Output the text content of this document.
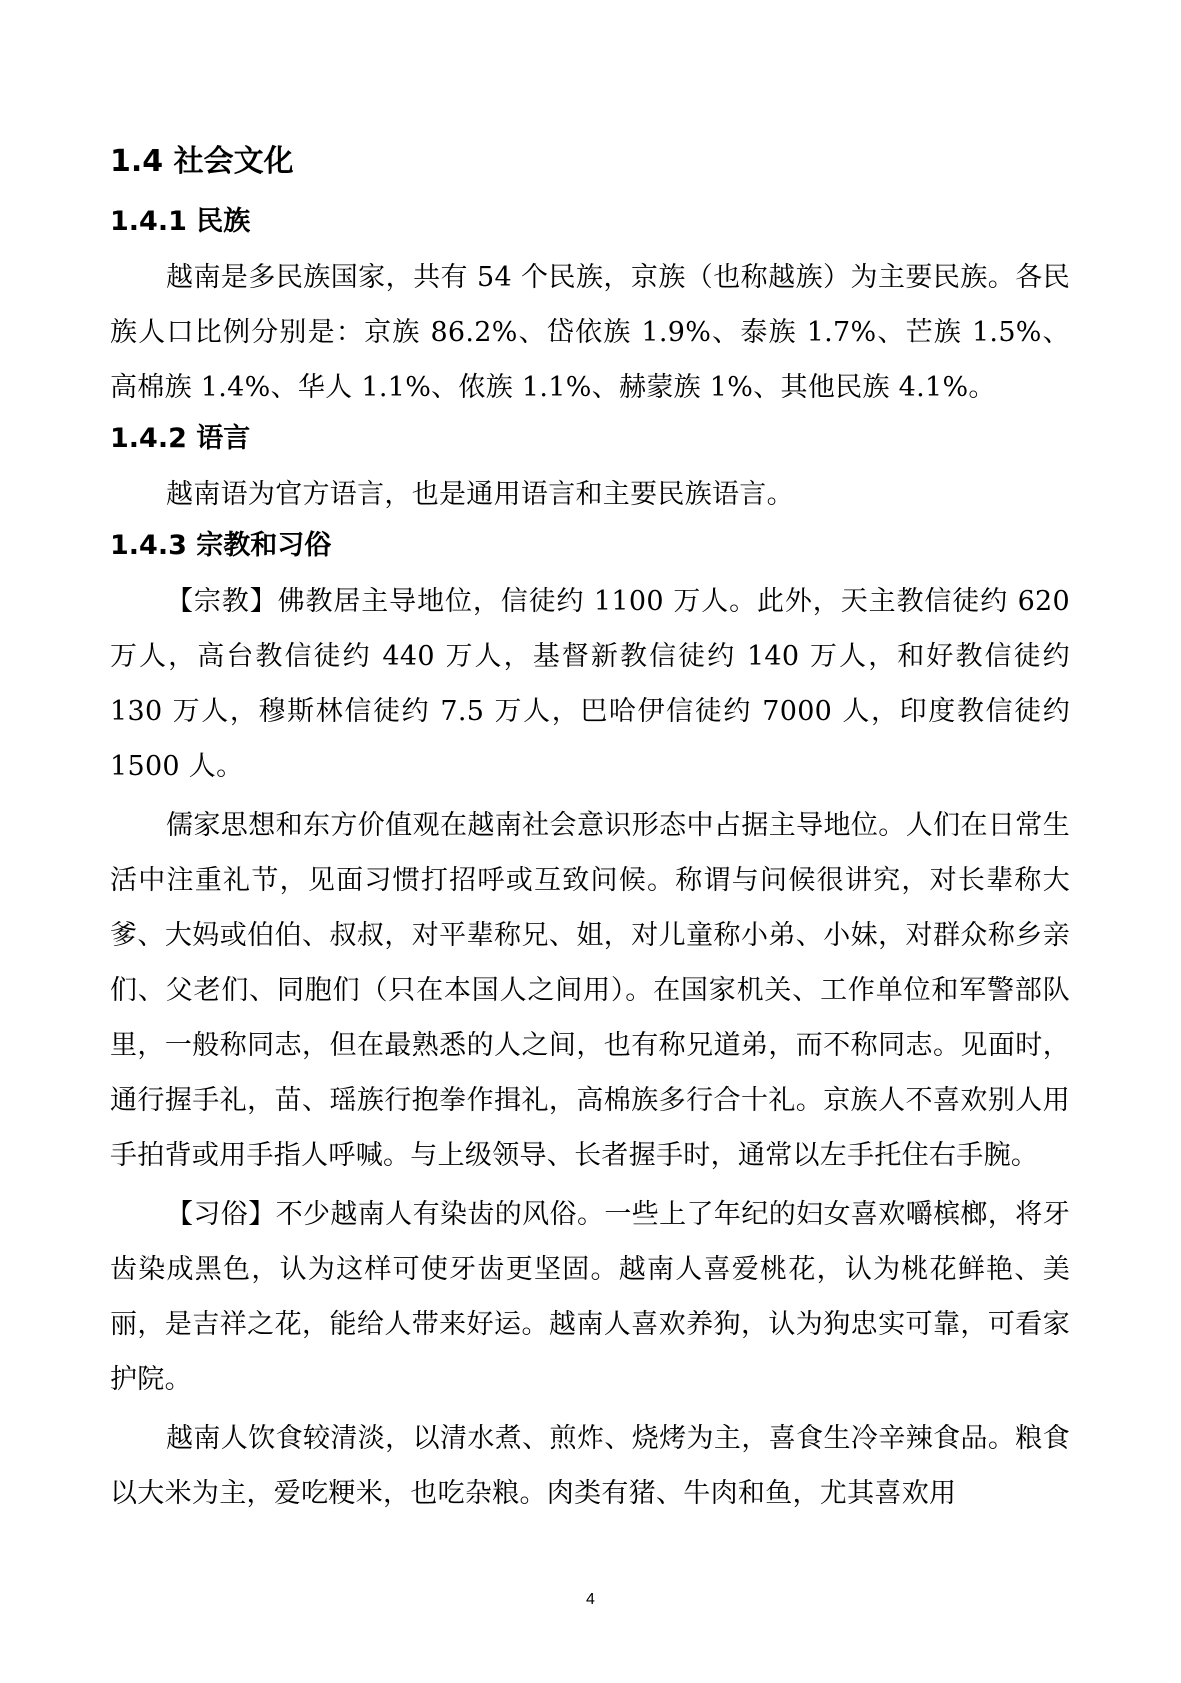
1.4 社会文化
1.4.1 民族

越南是多民族国家，共有 54 个民族，京族（也称越族）为主要民族。各民族人口比例分别是：京族 86.2%、岱依族 1.9%、泰族 1.7%、芒族 1.5%、高棉族 1.4%、华人 1.1%、侬族 1.1%、赫蒙族 1%、其他民族 4.1%。

1.4.2 语言

越南语为官方语言，也是通用语言和主要民族语言。

1.4.3 宗教和习俗

【宗教】佛教居主导地位，信徒约 1100 万人。此外，天主教信徒约 620 万人，高台教信徒约 440 万人，基督新教信徒约 140 万人，和好教信徒约 130 万人，穆斯林信徒约 7.5 万人，巴哈伊信徒约 7000 人，印度教信徒约 1500 人。

儒家思想和东方价值观在越南社会意识形态中占据主导地位。人们在日常生活中注重礼节，见面习惯打招呼或互致问候。称谓与问候很讲究，对长辈称大爹、大妈或伯伯、叔叔，对平辈称兄、姐，对儿童称小弟、小妹，对群众称乡亲们、父老们、同胞们（只在本国人之间用）。在国家机关、工作单位和军警部队里，一般称同志，但在最熟悉的人之间，也有称兄道弟，而不称同志。见面时，通行握手礼，苗、瑶族行抱拳作揖礼，高棉族多行合十礼。京族人不喜欢别人用手拍背或用手指人呼喊。与上级领导、长者握手时，通常以左手托住右手腕。

【习俗】不少越南人有染齿的风俗。一些上了年纪的妇女喜欢嚼槟榔，将牙齿染成黑色，认为这样可使牙齿更坚固。越南人喜爱桃花，认为桃花鲜艳、美丽，是吉祥之花，能给人带来好运。越南人喜欢养狗，认为狗忠实可靠，可看家护院。

越南人饮食较清淡，以清水煮、煎炸、烧烤为主，喜食生冷辛辣食品。粮食以大米为主，爱吃粳米，也吃杂粮。肉类有猪、牛肉和鱼，尤其喜欢用

4
